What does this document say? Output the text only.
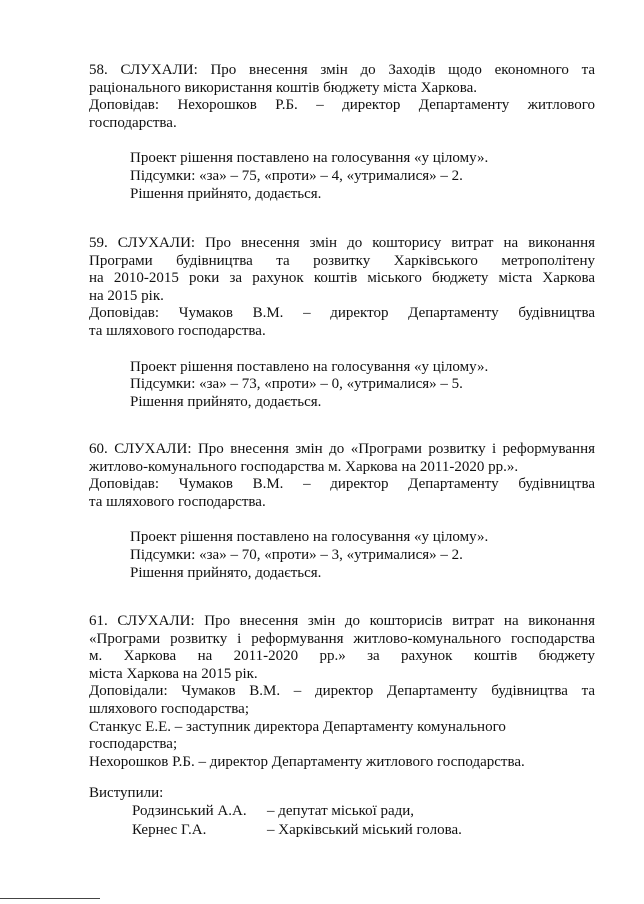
58. СЛУХАЛИ: Про внесення змін до Заходів щодо економного та
раціонального використання коштів бюджету міста Харкова.
Доповідав: Нехорошков Р.Б. – директор Департаменту житлового
господарства.
Проект рішення поставлено на голосування «у цілому».
Підсумки: «за» – 75, «проти» – 4, «утрималися» – 2.
Рішення прийнято, додається.
59. СЛУХАЛИ: Про внесення змін до кошторису витрат на виконання
Програми будівництва та розвитку Харківського метрополітену
на 2010-2015 роки за рахунок коштів міського бюджету міста Харкова
на 2015 рік.
Доповідав: Чумаков В.М. – директор Департаменту будівництва
та шляхового господарства.
Проект рішення поставлено на голосування «у цілому».
Підсумки: «за» – 73, «проти» – 0, «утрималися» – 5.
Рішення прийнято, додається.
60. СЛУХАЛИ: Про внесення змін до «Програми розвитку і реформування
житлово-комунального господарства м. Харкова на 2011-2020 рр.».
Доповідав: Чумаков В.М. – директор Департаменту будівництва
та шляхового господарства.
Проект рішення поставлено на голосування «у цілому».
Підсумки: «за» – 70, «проти» – 3, «утрималися» – 2.
Рішення прийнято, додається.
61. СЛУХАЛИ: Про внесення змін до кошторисів витрат на виконання
«Програми розвитку і реформування житлово-комунального господарства
м. Харкова на 2011-2020 рр.» за рахунок коштів бюджету
міста Харкова на 2015 рік.
Доповідали: Чумаков В.М. – директор Департаменту будівництва та
шляхового господарства;
Станкус Е.Е. – заступник директора Департаменту комунального
господарства;
Нехорошков Р.Б. – директор Департаменту житлового господарства.
Виступили:
Родзинський А.А. – депутат міської ради,
Кернес Г.А.	– Харківський міський голова.
